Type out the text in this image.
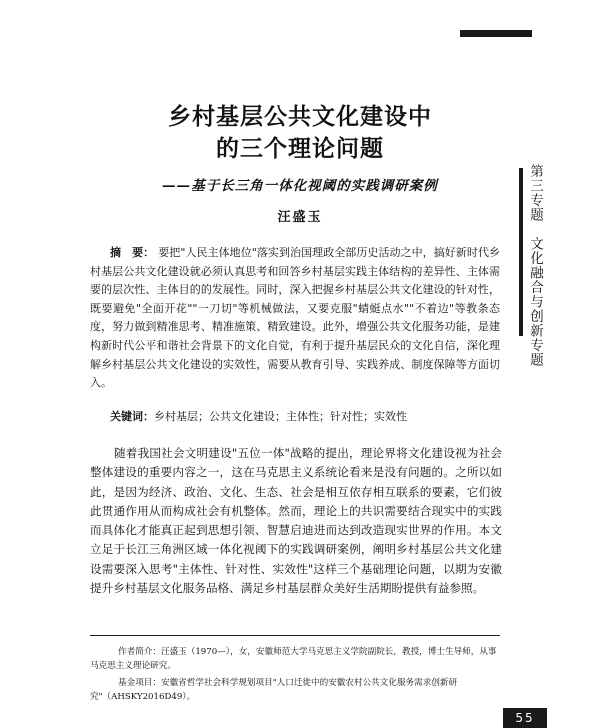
乡村基层公共文化建设中
的三个理论问题
——基于长三角一体化视阈的实践调研案例
汪盛玉
摘　要： 要把"人民主体地位"落实到治国理政全部历史活动之中，搞好新时代乡村基层公共文化建设就必须认真思考和回答乡村基层实践主体结构的差异性、主体需要的层次性、主体目的的发展性。同时，深入把握乡村基层公共文化建设的针对性，既要避免"全面开花""一刀切"等机械做法，又要克服"蜻蜓点水""不着边"等教条态度，努力做到精准思考、精准施策、精致建设。此外，增强公共文化服务功能，是建构新时代公平和谐社会背景下的文化自觉，有利于提升基层民众的文化自信，深化理解乡村基层公共文化建设的实效性，需要从教育引导、实践养成、制度保障等方面切入。
关键词：乡村基层；公共文化建设；主体性；针对性；实效性
随着我国社会文明建设"五位一体"战略的提出，理论界将文化建设视为社会整体建设的重要内容之一，这在马克思主义系统论看来是没有问题的。之所以如此，是因为经济、政治、文化、生态、社会是相互依存相互联系的要素，它们彼此贯通作用从而构成社会有机整体。然而，理论上的共识需要结合现实中的实践而具体化才能真正起到思想引领、智慧启迪进而达到改造现实世界的作用。本文立足于长江三角洲区域一体化视阈下的实践调研案例，阐明乡村基层公共文化建设需要深入思考"主体性、针对性、实效性"这样三个基础理论问题，以期为安徽提升乡村基层文化服务品格、满足乡村基层群众美好生活期盼提供有益参照。
作者简介：汪盛玉（1970—），女，安徽师范大学马克思主义学院副院长，教授，博士生导师，从事马克思主义理论研究。
基金项目：安徽省哲学社会科学规划项目"人口迁徙中的安徽农村公共文化服务需求创新研究"（AHSKY2016D49）。
第三专题　文化融合与创新专题
55
